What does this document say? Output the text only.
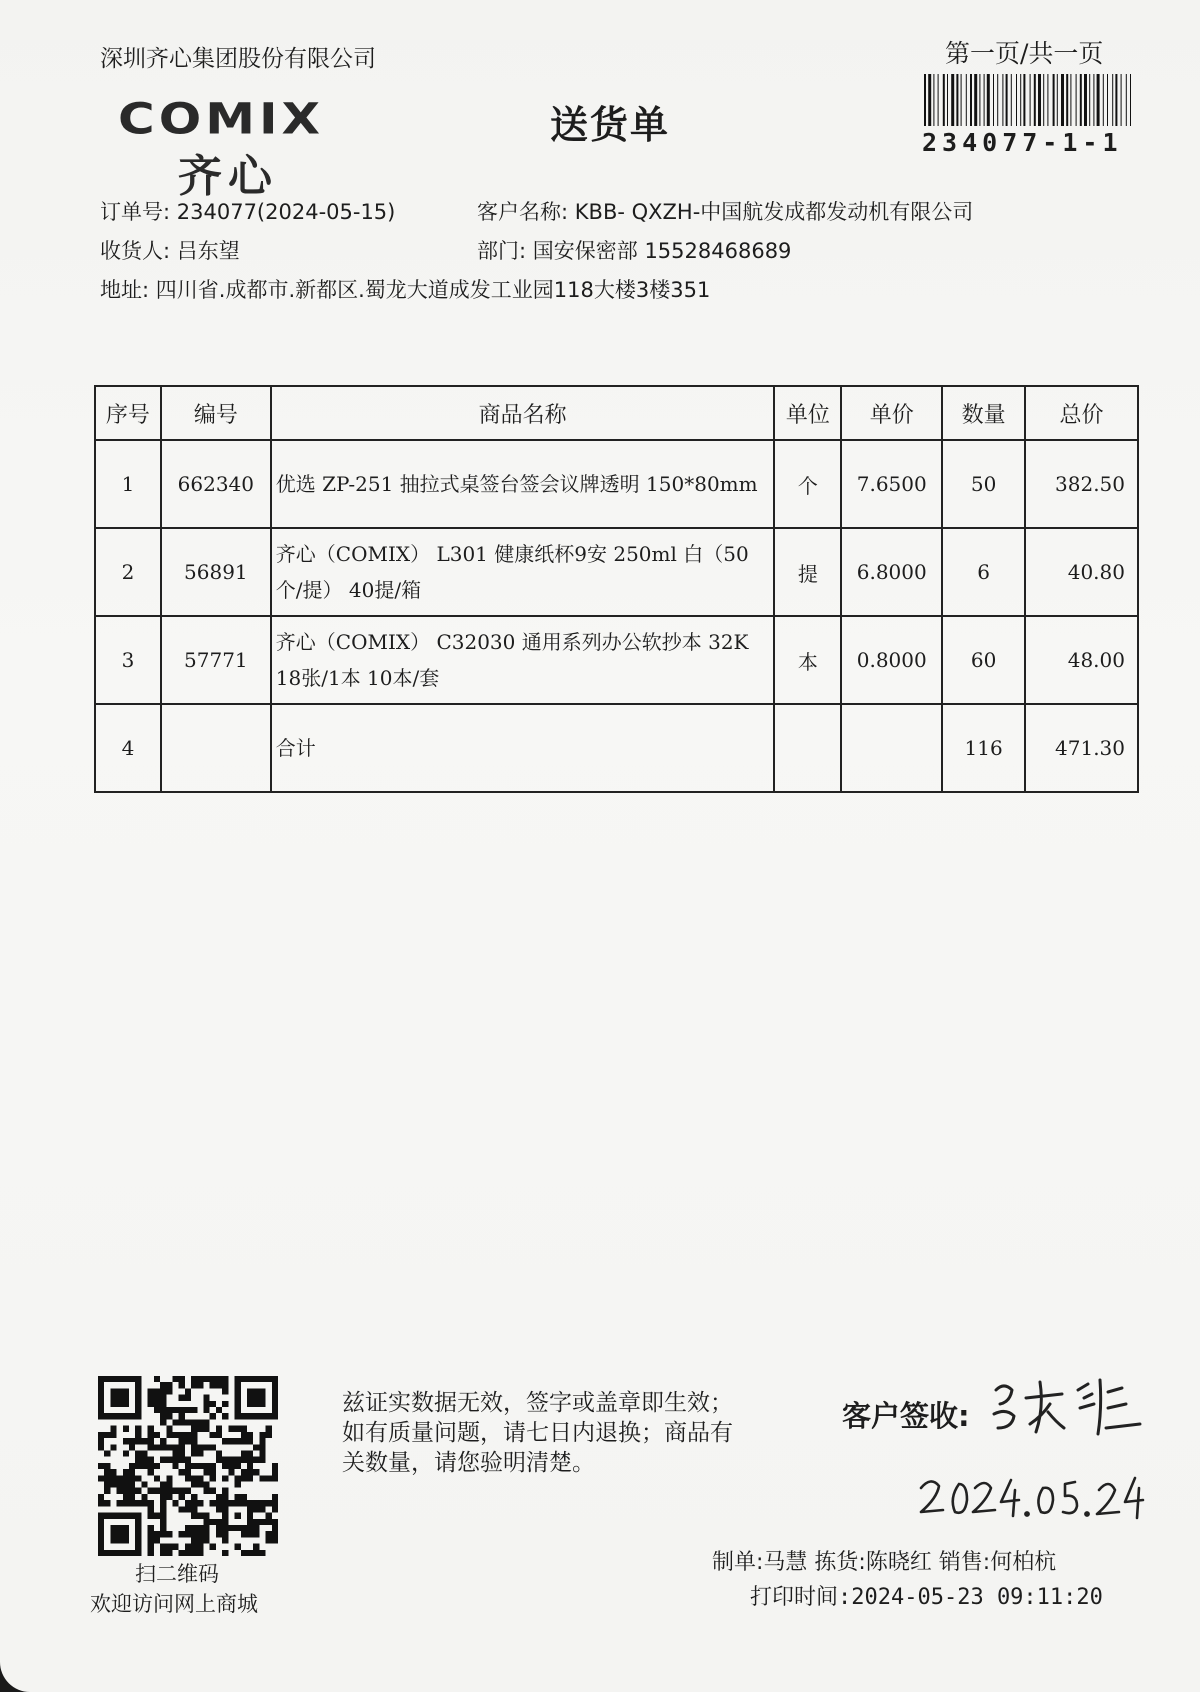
深圳齐心集团股份有限公司
COMIX
齐心
送货单
第一页/共一页
234077-1-1
订单号: 234077(2024-05-15)	客户名称: KBB- QXZH-中国航发成都发动机有限公司
收货人: 吕东望	部门: 国安保密部 15528468689
地址: 四川省.成都市.新都区.蜀龙大道成发工业园118大楼3楼351
序号	编号	商品名称	单位	单价	数量	总价
1	662340	优选 ZP-251 抽拉式桌签台签会议牌透明 150*80mm	个	7.6500	50	382.50
2	56891	齐心（COMIX） L301 健康纸杯9安 250ml 白（50个/提） 40提/箱	提	6.8000	6	40.80
3	57771	齐心（COMIX） C32030 通用系列办公软抄本 32K 18张/1本 10本/套	本	0.8000	60	48.00
4		合计			116	471.30
扫二维码
欢迎访问网上商城
兹证实数据无效，签字或盖章即生效；如有质量问题，请七日内退换；商品有关数量，请您验明清楚。
客户签收:
制单:马慧 拣货:陈晓红 销售:何柏杭
打印时间:2024-05-23 09:11:20
